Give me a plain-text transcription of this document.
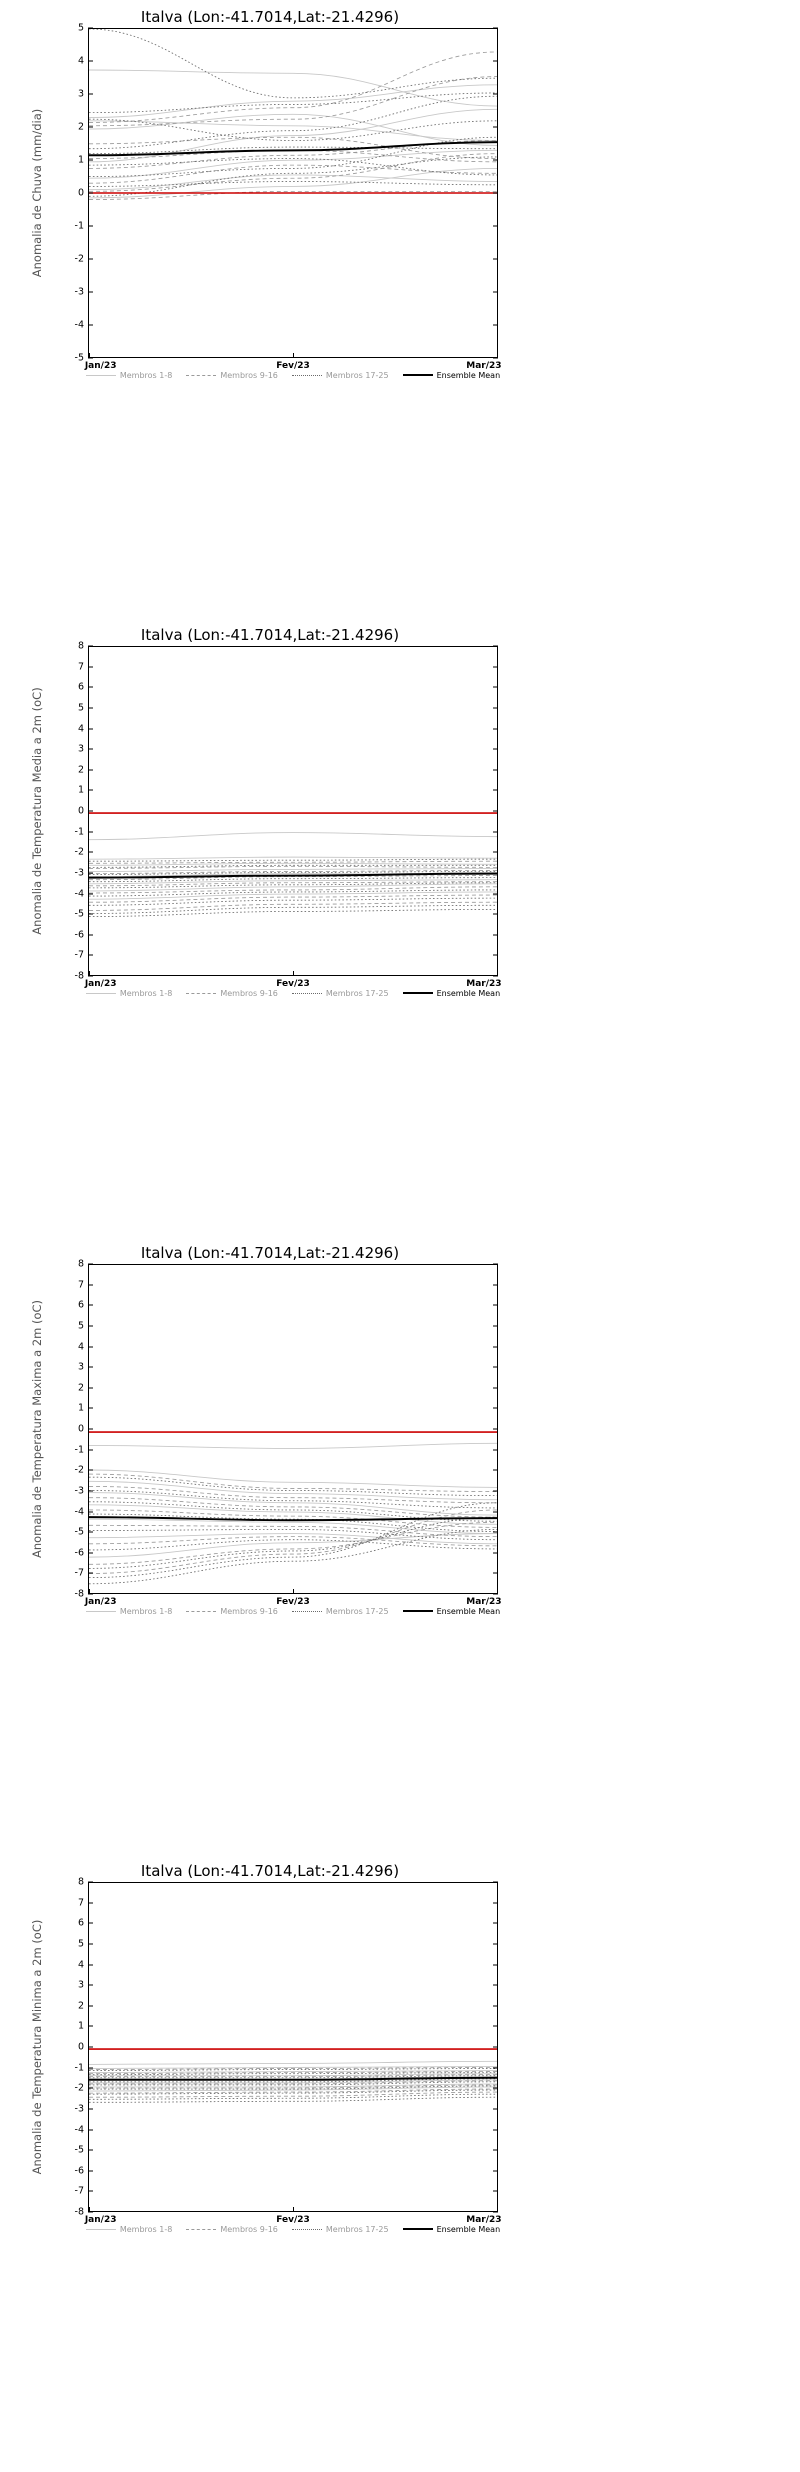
Italva (Lon:-41.7014,Lat:-21.4296)
5
4
3
2
1
0
-1
-2
-3
-4
-5
Jan/23	Fev/23	Mar/23
Anomalia de Chuva (mm/dia)
Membros 1-8	Membros 9-16	Membros 17-25	Ensemble Mean
Italva (Lon:-41.7014,Lat:-21.4296)
8
7
6
5
4
3
2
1
0
-1
-2
-3
-4
-5
-6
-7
-8
Jan/23	Fev/23	Mar/23
Anomalia de Temperatura Media a 2m (oC)
Membros 1-8	Membros 9-16	Membros 17-25	Ensemble Mean
Italva (Lon:-41.7014,Lat:-21.4296)
8
7
6
5
4
3
2
1
0
-1
-2
-3
-4
-5
-6
-7
-8
Jan/23	Fev/23	Mar/23
Anomalia de Temperatura Maxima a 2m (oC)
Membros 1-8	Membros 9-16	Membros 17-25	Ensemble Mean
Italva (Lon:-41.7014,Lat:-21.4296)
8
7
6
5
4
3
2
1
0
-1
-2
-3
-4
-5
-6
-7
-8
Jan/23	Fev/23	Mar/23
Anomalia de Temperatura Minima a 2m (oC)
Membros 1-8	Membros 9-16	Membros 17-25	Ensemble Mean
